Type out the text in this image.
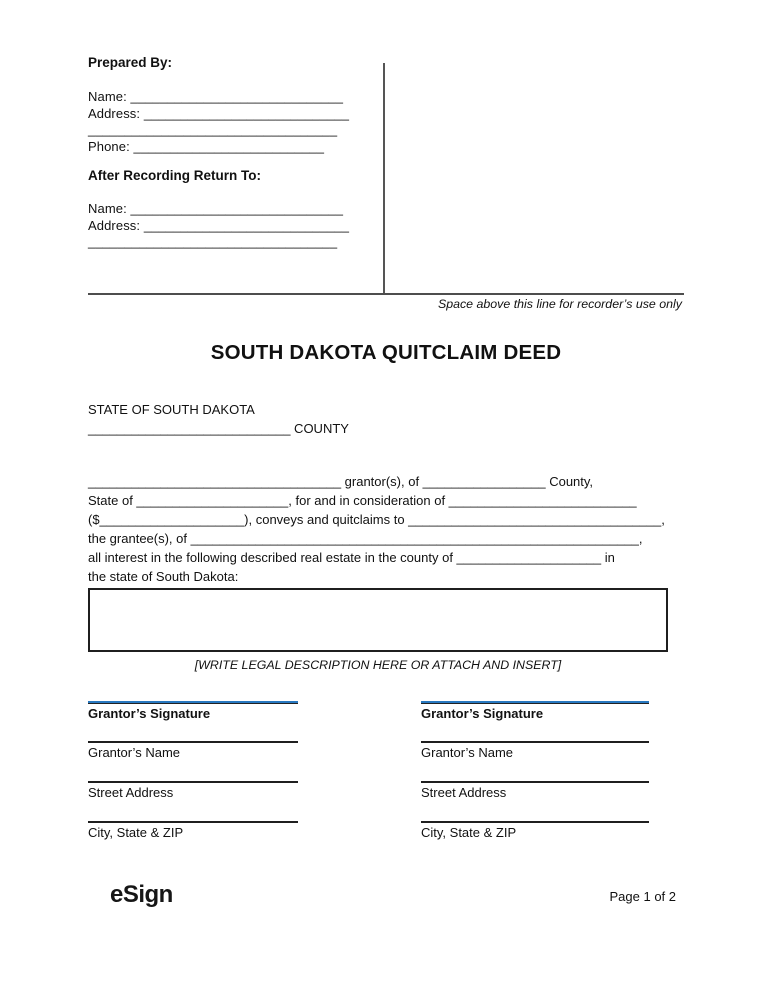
Prepared By:
Name: _____________________________
Address: ____________________________
__________________________________
Phone: __________________________
After Recording Return To:
Name: _____________________________
Address: ____________________________
__________________________________
Space above this line for recorder’s use only
SOUTH DAKOTA QUITCLAIM DEED
STATE OF SOUTH DAKOTA
____________________________ COUNTY
___________________________________ grantor(s), of _________________ County,
State of _____________________, for and in consideration of __________________________
($____________________), conveys and quitclaims to ___________________________________,
the grantee(s), of ______________________________________________________________,
all interest in the following described real estate in the county of ____________________ in
the state of South Dakota:
[WRITE LEGAL DESCRIPTION HERE OR ATTACH AND INSERT]
Grantor’s Signature
Grantor’s Name
Street Address
City, State & ZIP
Grantor’s Signature
Grantor’s Name
Street Address
City, State & ZIP
eSign	Page 1 of 2
